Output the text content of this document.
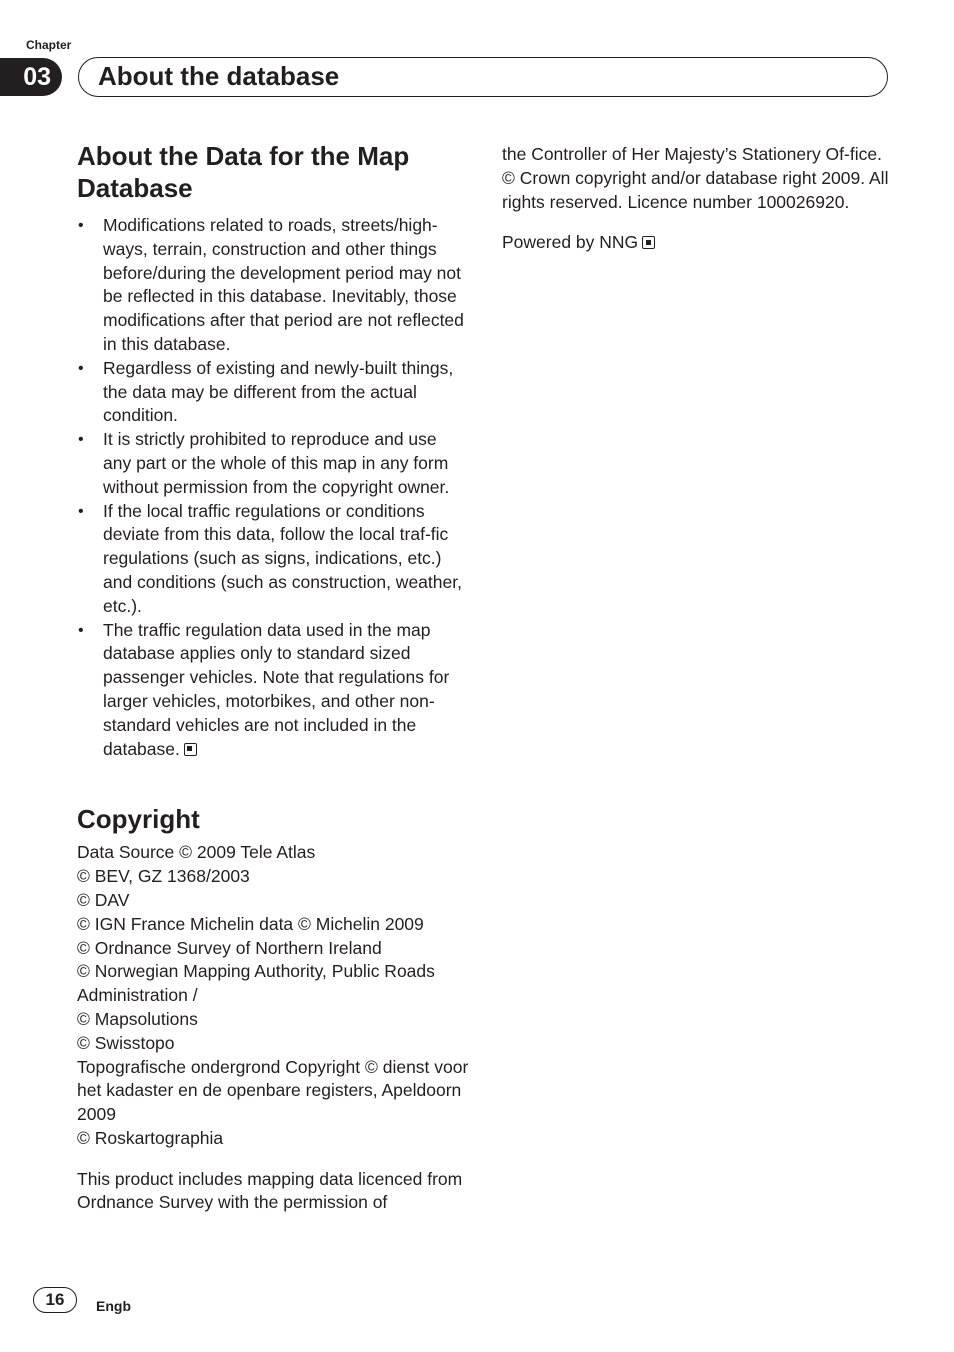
Chapter
03	About the database
About the Data for the Map Database
• Modifications related to roads, streets/high-ways, terrain, construction and other things before/during the development period may not be reflected in this database. Inevitably, those modifications after that period are not reflected in this database.
• Regardless of existing and newly-built things, the data may be different from the actual condition.
• It is strictly prohibited to reproduce and use any part or the whole of this map in any form without permission from the copyright owner.
• If the local traffic regulations or conditions deviate from this data, follow the local traf-fic regulations (such as signs, indications, etc.) and conditions (such as construction, weather, etc.).
• The traffic regulation data used in the map database applies only to standard sized passenger vehicles. Note that regulations for larger vehicles, motorbikes, and other non-standard vehicles are not included in the database.
Copyright

Data Source © 2009 Tele Atlas

© BEV, GZ 1368/2003

© DAV

© IGN France Michelin data © Michelin 2009

© Ordnance Survey of Northern Ireland

© Norwegian Mapping Authority, Public Roads Administration /

© Mapsolutions

© Swisstopo

Topografische ondergrond Copyright © dienst voor het kadaster en de openbare registers, Apeldoorn 2009

© Roskartographia

This product includes mapping data licenced from Ordnance Survey with the permission of

the Controller of Her Majesty’s Stationery Of-fice. © Crown copyright and/or database right 2009. All rights reserved. Licence number 100026920.

Powered by NNG

16	Engb
